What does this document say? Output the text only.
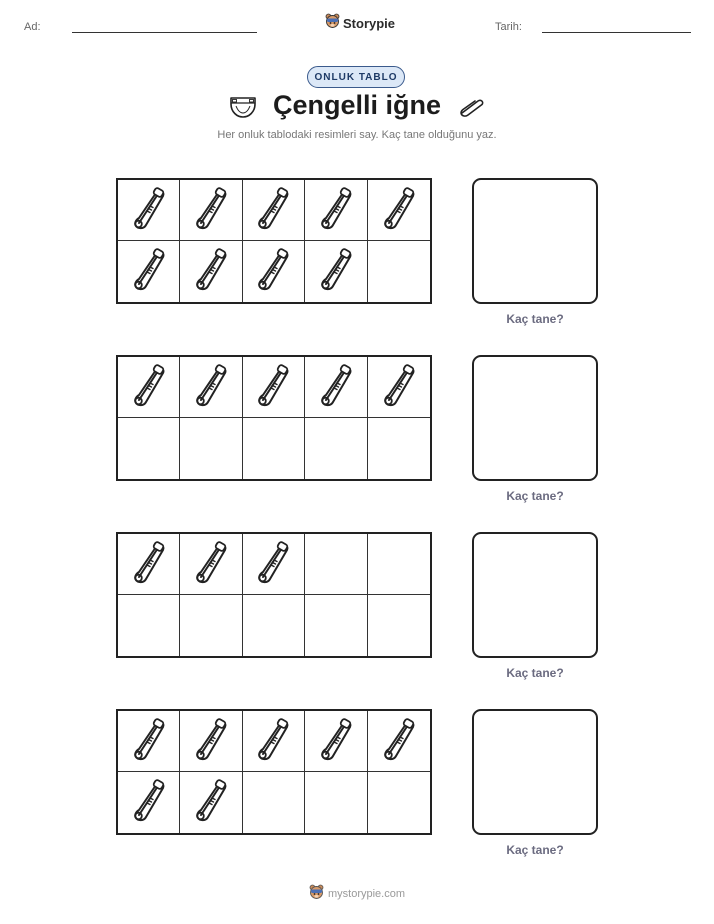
Ad:	Storypie	Tarih:
ONLUK TABLO
Çengelli iğne
Her onluk tablodaki resimleri say. Kaç tane olduğunu yaz.
Kaç tane?
Kaç tane?
Kaç tane?
Kaç tane?
mystorypie.com
